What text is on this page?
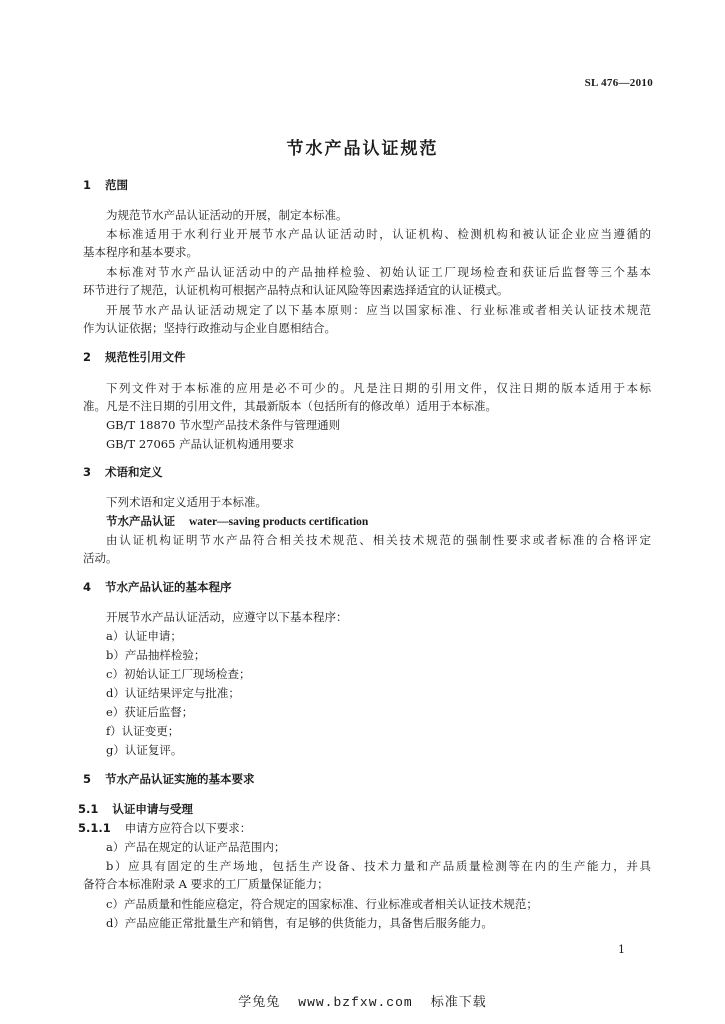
SL 476—2010
节水产品认证规范
1 范围
为规范节水产品认证活动的开展，制定本标准。
本标准适用于水利行业开展节水产品认证活动时，认证机构、检测机构和被认证企业应当遵循的
基本程序和基本要求。
本标准对节水产品认证活动中的产品抽样检验、初始认证工厂现场检查和获证后监督等三个基本
环节进行了规范，认证机构可根据产品特点和认证风险等因素选择适宜的认证模式。
开展节水产品认证活动规定了以下基本原则：应当以国家标准、行业标准或者相关认证技术规范
作为认证依据；坚持行政推动与企业自愿相结合。
2 规范性引用文件
下列文件对于本标准的应用是必不可少的。凡是注日期的引用文件，仅注日期的版本适用于本标
准。凡是不注日期的引用文件，其最新版本（包括所有的修改单）适用于本标准。
GB/T 18870 节水型产品技术条件与管理通则
GB/T 27065 产品认证机构通用要求
3 术语和定义
下列术语和定义适用于本标准。
节水产品认证 water—saving products certification
由认证机构证明节水产品符合相关技术规范、相关技术规范的强制性要求或者标准的合格评定
活动。
4 节水产品认证的基本程序
开展节水产品认证活动，应遵守以下基本程序：
a）认证申请；
b）产品抽样检验；
c）初始认证工厂现场检查；
d）认证结果评定与批准；
e）获证后监督；
f）认证变更；
g）认证复评。
5 节水产品认证实施的基本要求
5.1 认证申请与受理
5.1.1 申请方应符合以下要求：
a）产品在规定的认证产品范围内；
b）应具有固定的生产场地，包括生产设备、技术力量和产品质量检测等在内的生产能力，并具
备符合本标准附录 A 要求的工厂质量保证能力；
c）产品质量和性能应稳定，符合规定的国家标准、行业标准或者相关认证技术规范；
d）产品应能正常批量生产和销售，有足够的供货能力，具备售后服务能力。
1
学兔兔 www.bzfxw.com 标准下载
